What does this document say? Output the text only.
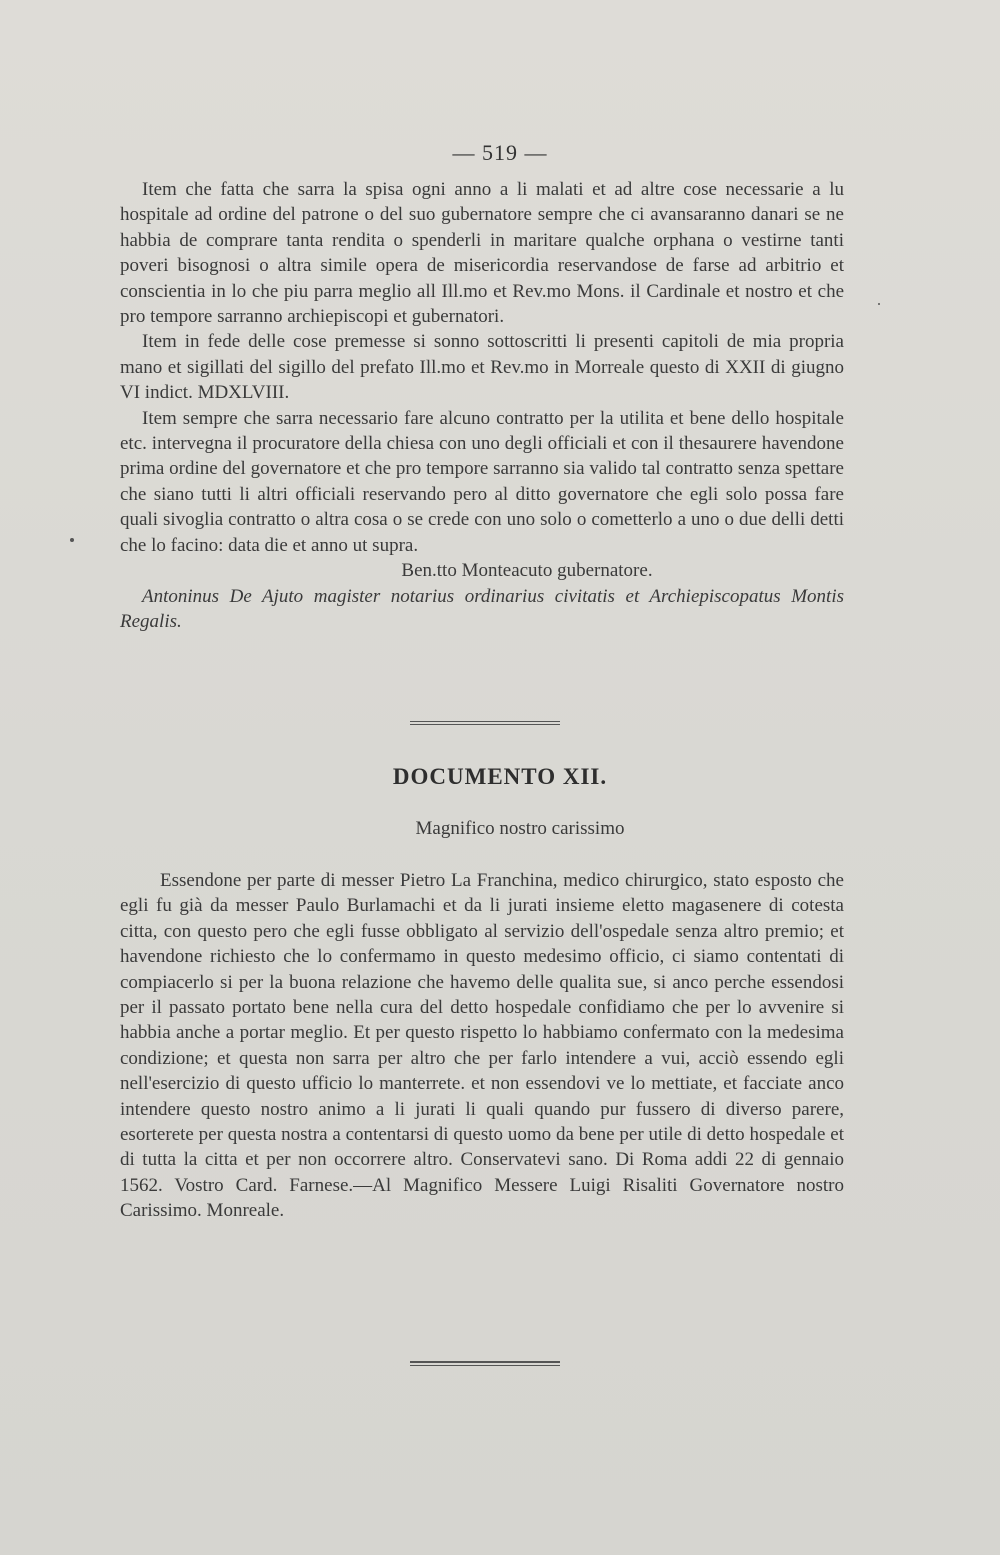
— 519 —

Item che fatta che sarra la spisa ogni anno a li malati et ad altre cose necessarie a lu hospitale ad ordine del patrone o del suo gubernatore sempre che ci avansaranno danari se ne habbia de comprare tanta rendita o spenderli in maritare qualche orphana o vestirne tanti poveri bisognosi o altra simile opera de misericordia reservandose de farse ad arbitrio et conscientia in lo che piu parra meglio all Ill.mo et Rev.mo Mons. il Cardinale et nostro et che pro tempore sarranno archiepiscopi et gubernatori.

Item in fede delle cose premesse si sonno sottoscritti li presenti capitoli de mia propria mano et sigillati del sigillo del prefato Ill.mo et Rev.mo in Morreale questo di XXII di giugno VI indict. MDXLVIII.

Item sempre che sarra necessario fare alcuno contratto per la utilita et bene dello hospitale etc. intervegna il procuratore della chiesa con uno degli officiali et con il thesaurere havendone prima ordine del governatore et che pro tempore sarranno sia valido tal contratto senza spettare che siano tutti li altri officiali reservando pero al ditto governatore che egli solo possa fare quali sivoglia contratto o altra cosa o se crede con uno solo o cometterlo a uno o due delli detti che lo facino: data die et anno ut supra.

Ben.tto Monteacuto gubernatore.

Antoninus De Ajuto magister notarius ordinarius civitatis et Archiepiscopatus Montis Regalis.

DOCUMENTO XII.
Magnifico nostro carissimo

Essendone per parte di messer Pietro La Franchina, medico chirurgico, stato esposto che egli fu già da messer Paulo Burlamachi et da li jurati insieme eletto magasenere di cotesta citta, con questo pero che egli fusse obbligato al servizio dell'ospedale senza altro premio; et havendone richiesto che lo confermamo in questo medesimo officio, ci siamo contentati di compiacerlo si per la buona relazione che havemo delle qualita sue, si anco perche essendosi per il passato portato bene nella cura del detto hospedale confidiamo che per lo avvenire si habbia anche a portar meglio. Et per questo rispetto lo habbiamo confermato con la medesima condizione; et questa non sarra per altro che per farlo intendere a vui, acciò essendo egli nell'esercizio di questo ufficio lo manterrete. et non essendovi ve lo mettiate, et facciate anco intendere questo nostro animo a li jurati li quali quando pur fussero di diverso parere, esorterete per questa nostra a contentarsi di questo uomo da bene per utile di detto hospedale et di tutta la citta et per non occorrere altro. Conservatevi sano. Di Roma addi 22 di gennaio 1562. Vostro Card. Farnese.—Al Magnifico Messere Luigi Risaliti Governatore nostro Carissimo. Monreale.
